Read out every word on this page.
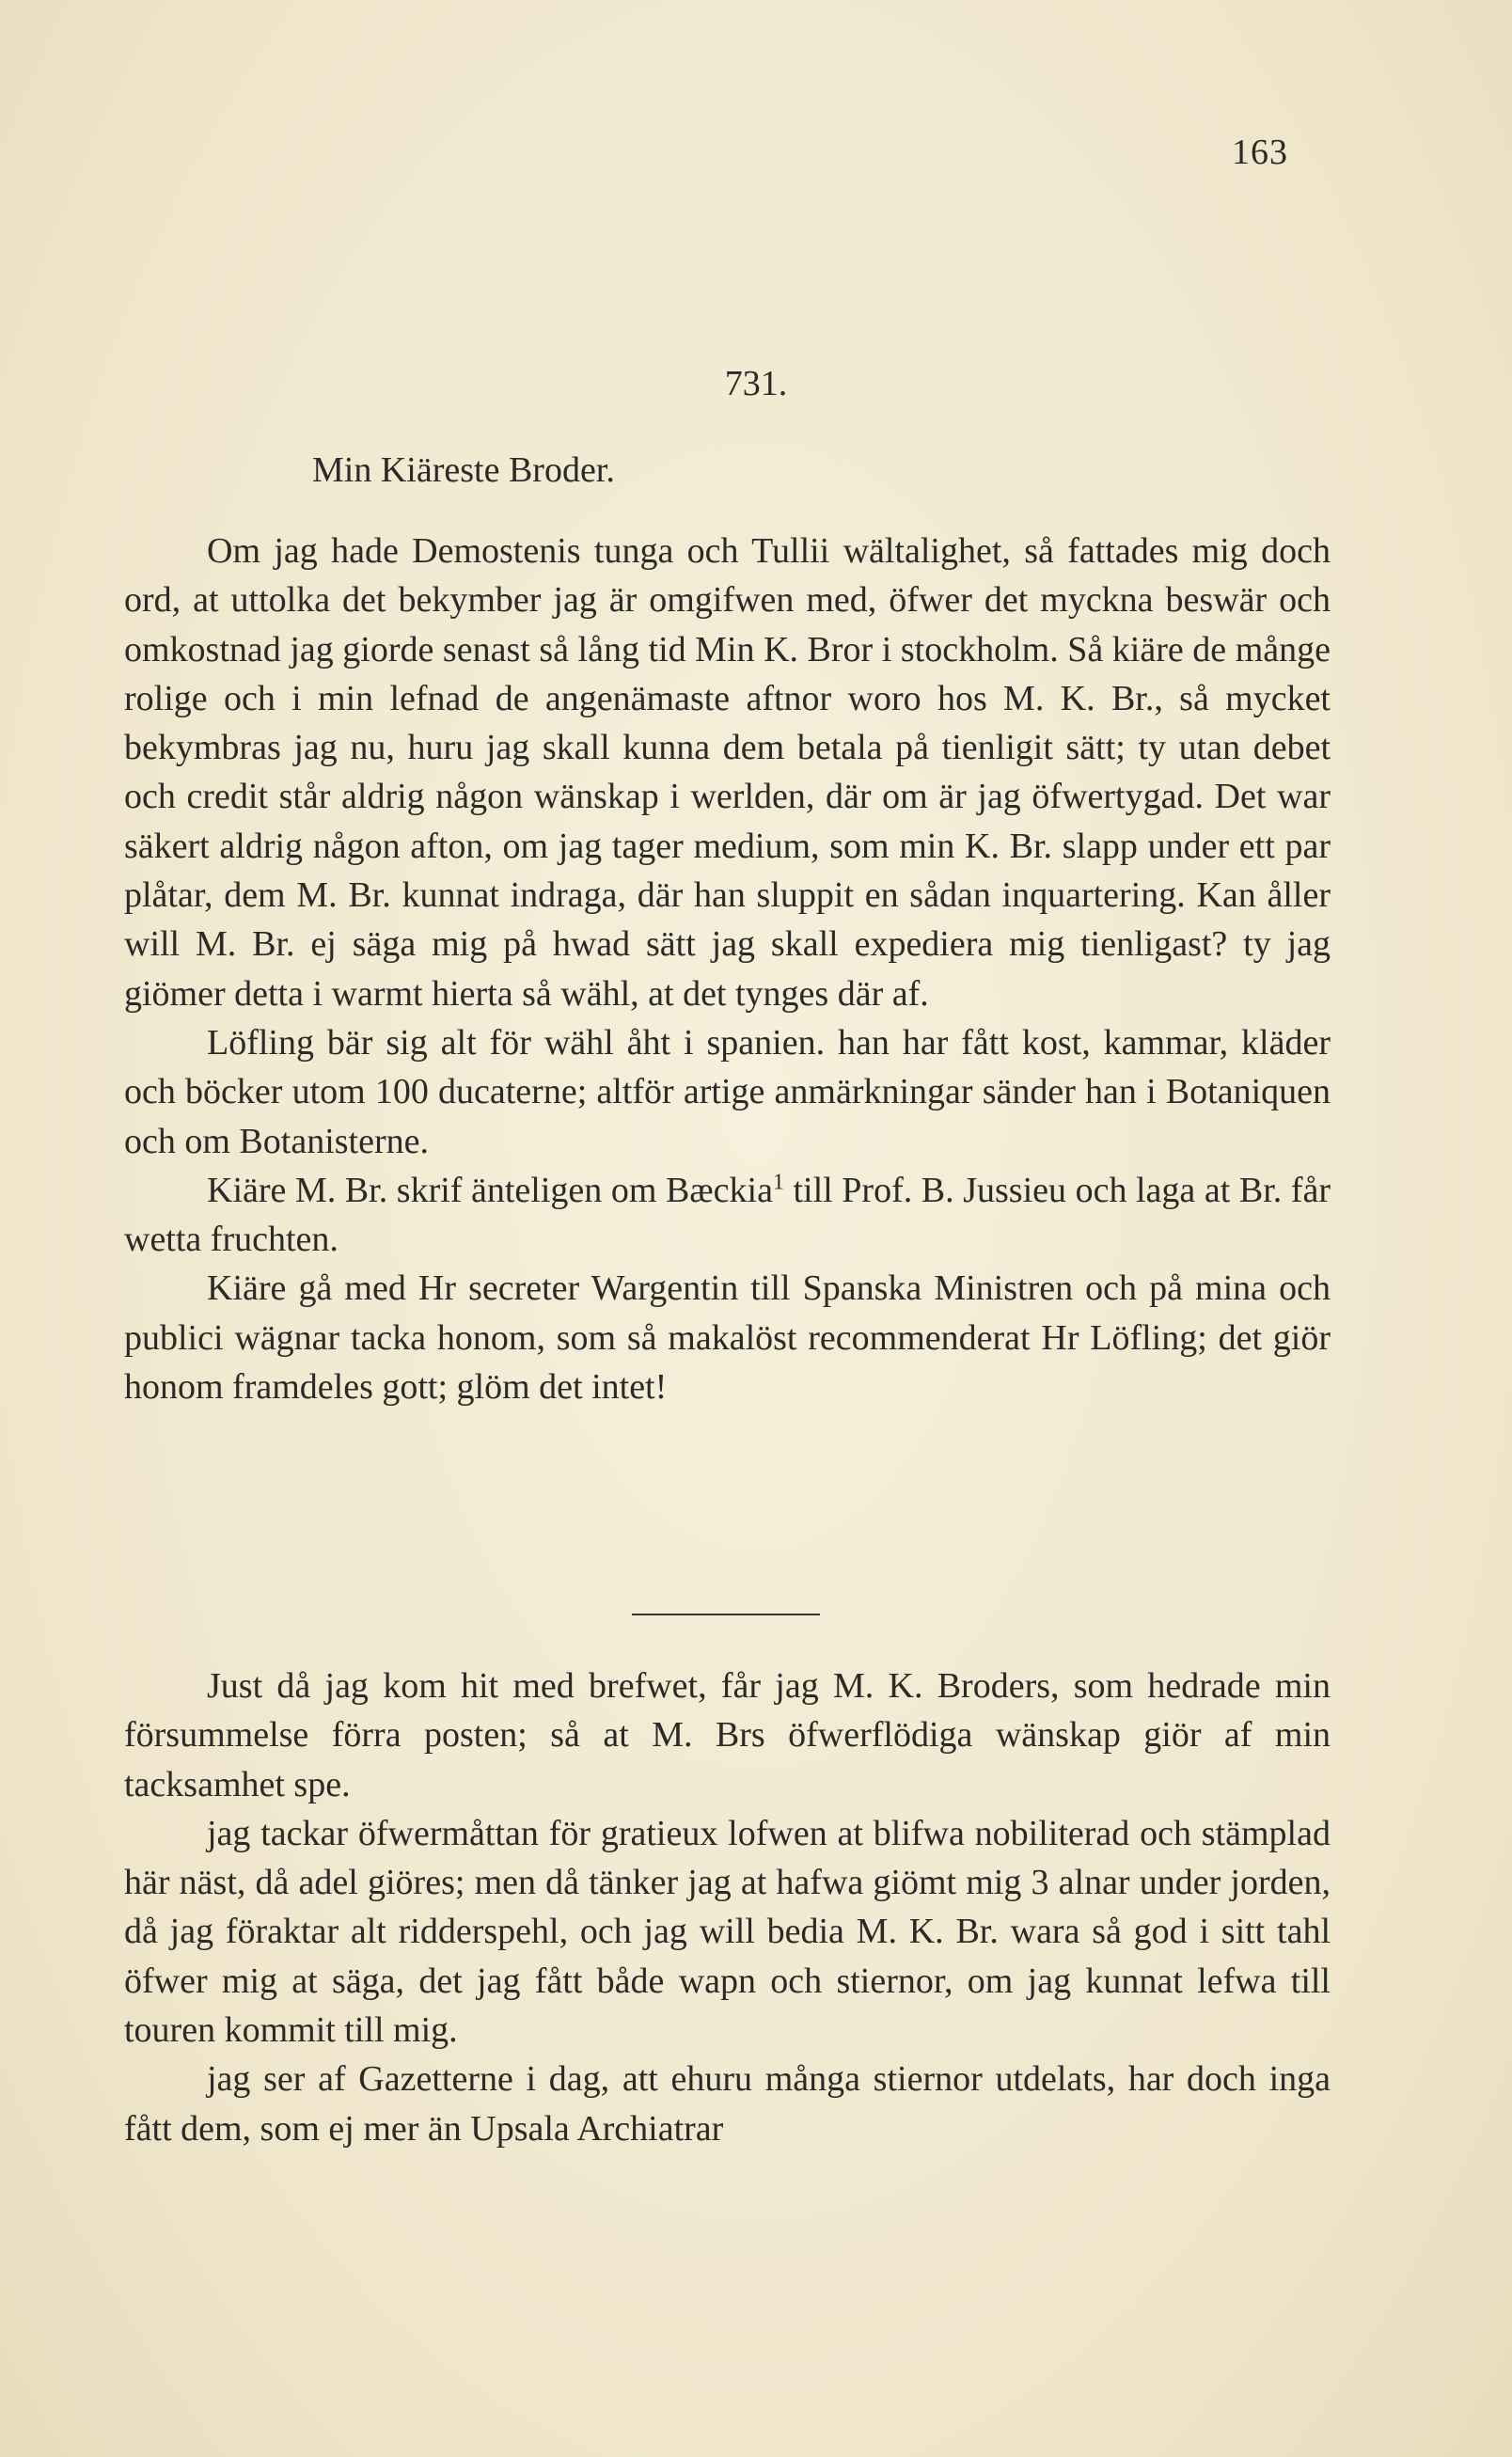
163
731.
Min Kiäreste Broder.

Om jag hade Demostenis tunga och Tullii wältalighet, så fattades mig doch ord, at uttolka det bekymber jag är omgifwen med, öfwer det myckna beswär och omkostnad jag giorde senast så lång tid Min K. Bror i stockholm. Så kiäre de månge rolige och i min lefnad de angenämaste aftnor woro hos M. K. Br., så mycket bekymbras jag nu, huru jag skall kunna dem betala på tienligit sätt; ty utan debet och credit står aldrig någon wänskap i werlden, där om är jag öfwertygad. Det war säkert aldrig någon afton, om jag tager medium, som min K. Br. slapp under ett par plåtar, dem M. Br. kunnat indraga, där han sluppit en sådan inquartering. Kan åller will M. Br. ej säga mig på hwad sätt jag skall expediera mig tienligast? ty jag giömer detta i warmt hierta så wähl, at det tynges där af.

Löfling bär sig alt för wähl åht i spanien. han har fått kost, kammar, kläder och böcker utom 100 ducaterne; altför artige anmärkningar sänder han i Botaniquen och om Botanisterne.

Kiäre M. Br. skrif änteligen om Bæckia$^1$ till Prof. B. Jussieu och laga at Br. får wetta fruchten.

Kiäre gå med Hr secreter Wargentin till Spanska Ministren och på mina och publici wägnar tacka honom, som så makalöst recommenderat Hr Löfling; det giör honom framdeles gott; glöm det intet!

Just då jag kom hit med brefwet, får jag M. K. Broders, som hedrade min försummelse förra posten; så at M. Brs öfwerflödiga wänskap giör af min tacksamhet spe.

jag tackar öfwermåttan för gratieux lofwen at blifwa nobiliterad och stämplad här näst, då adel giöres; men då tänker jag at hafwa giömt mig 3 alnar under jorden, då jag föraktar alt ridderspehl, och jag will bedia M. K. Br. wara så god i sitt tahl öfwer mig at säga, det jag fått både wapn och stiernor, om jag kunnat lefwa till touren kommit till mig.

jag ser af Gazetterne i dag, att ehuru många stiernor utdelats, har doch inga fått dem, som ej mer än Upsala Archiatrar
